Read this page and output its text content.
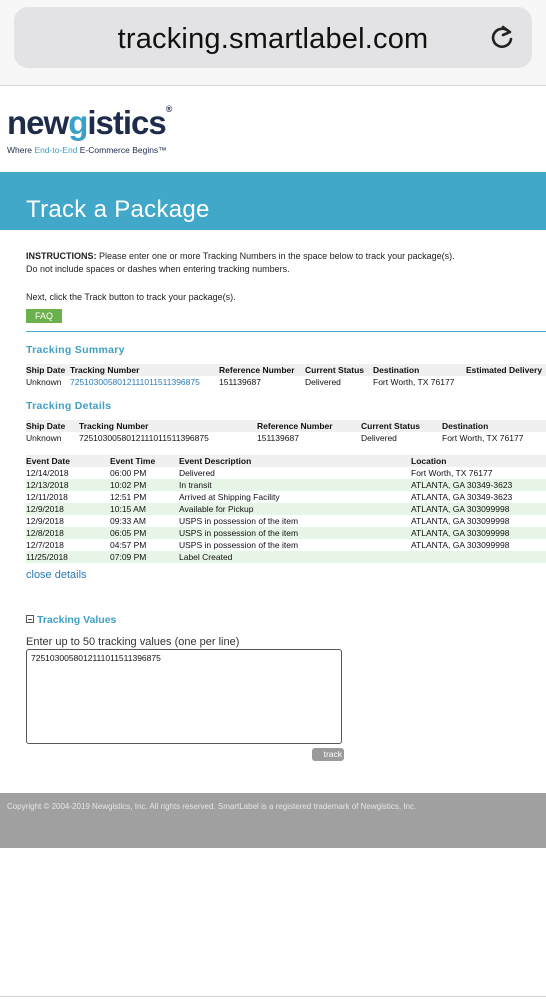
tracking.smartlabel.com
newgistics®
Where End-to-End E-Commerce Begins™
Track a Package
INSTRUCTIONS: Please enter one or more Tracking Numbers in the space below to track your package(s).
Do not include spaces or dashes when entering tracking numbers.
Next, click the Track button to track your package(s).
FAQ
Tracking Summary
Ship Date	Tracking Number	Reference Number	Current Status	Destination	Estimated Delivery
Unknown	7251030058012111011511396875	151139687	Delivered	Fort Worth, TX 76177	
Tracking Details
Ship Date	Tracking Number	Reference Number	Current Status	Destination
Unknown	7251030058012111011511396875	151139687	Delivered	Fort Worth, TX 76177
Event Date	Event Time	Event Description	Location
12/14/2018	06:00 PM	Delivered	Fort Worth, TX 76177
12/13/2018	10:02 PM	In transit	ATLANTA, GA 30349-3623
12/11/2018	12:51 PM	Arrived at Shipping Facility	ATLANTA, GA 30349-3623
12/9/2018	10:15 AM	Available for Pickup	ATLANTA, GA 303099998
12/9/2018	09:33 AM	USPS in possession of the item	ATLANTA, GA 303099998
12/8/2018	06:05 PM	USPS in possession of the item	ATLANTA, GA 303099998
12/7/2018	04:57 PM	USPS in possession of the item	ATLANTA, GA 303099998
11/25/2018	07:09 PM	Label Created	
close details
Tracking Values
Enter up to 50 tracking values (one per line)
7251030058012111011511396875
track
Copyright © 2004-2019 Newgistics, Inc. All rights reserved. SmartLabel is a registered trademark of Newgistics, Inc.
